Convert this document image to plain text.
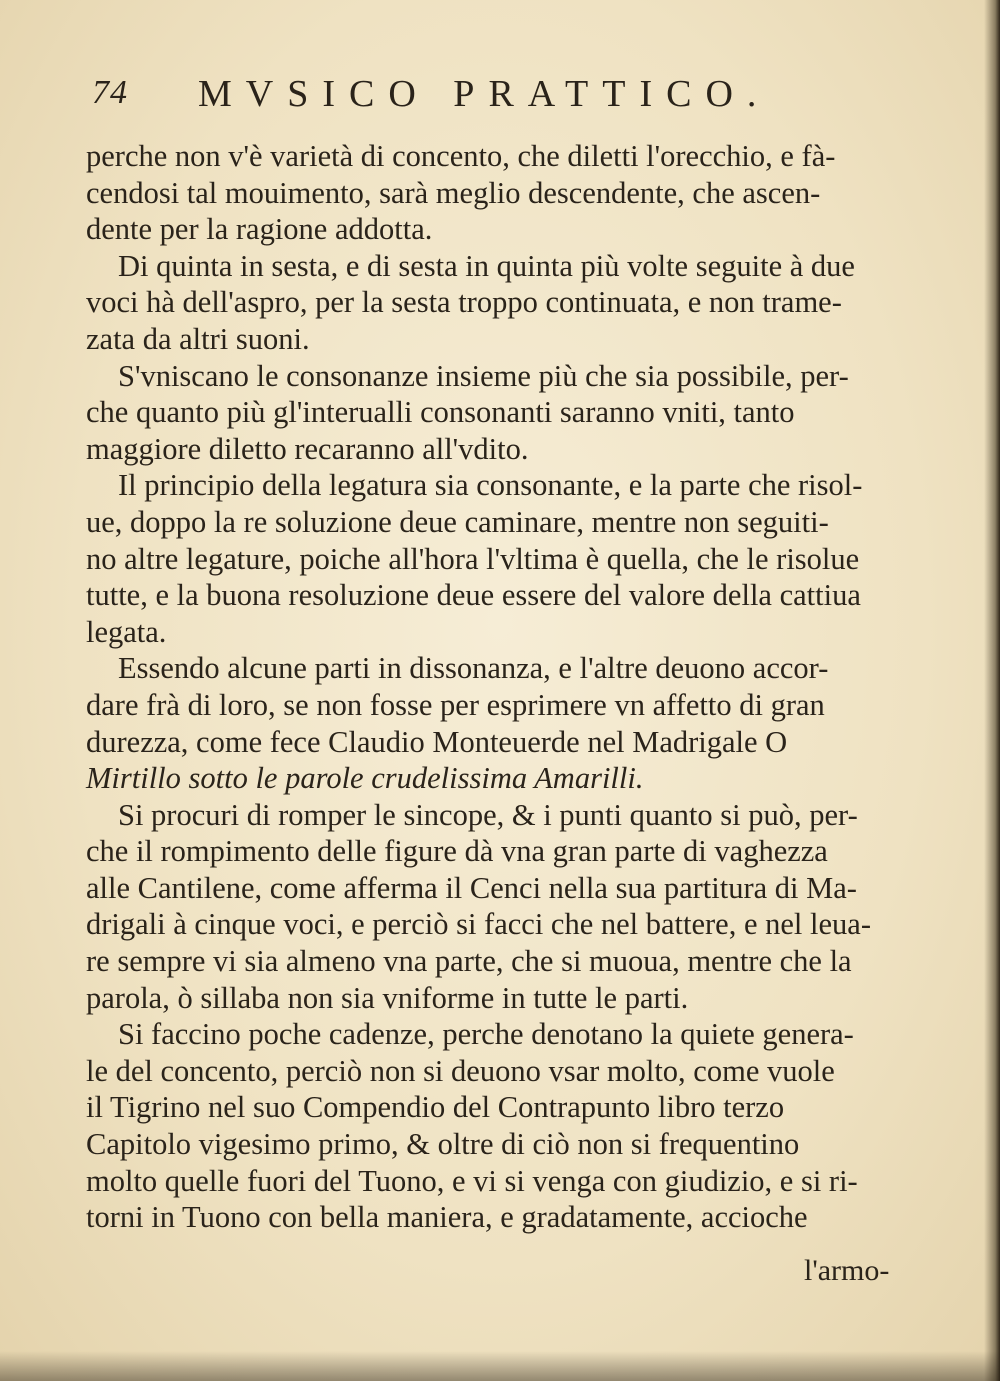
74 MVSICO PRATTICO.
perche non v'è varietà di concento, che diletti l'orecchio, e fà-
cendosi tal mouimento, sarà meglio descendente, che ascen-
dente per la ragione addotta.
Di quinta in sesta, e di sesta in quinta più volte seguite à due
voci hà dell'aspro, per la sesta troppo continuata, e non trame-
zata da altri suoni.
S'vniscano le consonanze insieme più che sia possibile, per-
che quanto più gl'interualli consonanti saranno vniti, tanto
maggiore diletto recaranno all'vdito.
Il principio della legatura sia consonante, e la parte che risol-
ue, doppo la re soluzione deue caminare, mentre non seguiti-
no altre legature, poiche all'hora l'vltima è quella, che le risolue
tutte, e la buona resoluzione deue essere del valore della cattiua
legata.
Essendo alcune parti in dissonanza, e l'altre deuono accor-
dare frà di loro, se non fosse per esprimere vn affetto di gran
durezza, come fece Claudio Monteuerde nel Madrigale O
Mirtillo sotto le parole crudelissima Amarilli.
Si procuri di romper le sincope, & i punti quanto si può, per-
che il rompimento delle figure dà vna gran parte di vaghezza
alle Cantilene, come afferma il Cenci nella sua partitura di Ma-
drigali à cinque voci, e perciò si facci che nel battere, e nel leua-
re sempre vi sia almeno vna parte, che si muoua, mentre che la
parola, ò sillaba non sia vniforme in tutte le parti.
Si faccino poche cadenze, perche denotano la quiete genera-
le del concento, perciò non si deuono vsar molto, come vuole
il Tigrino nel suo Compendio del Contrapunto libro terzo
Capitolo vigesimo primo, & oltre di ciò non si frequentino
molto quelle fuori del Tuono, e vi si venga con giudizio, e si ri-
torni in Tuono con bella maniera, e gradatamente, accioche
l'armo-
